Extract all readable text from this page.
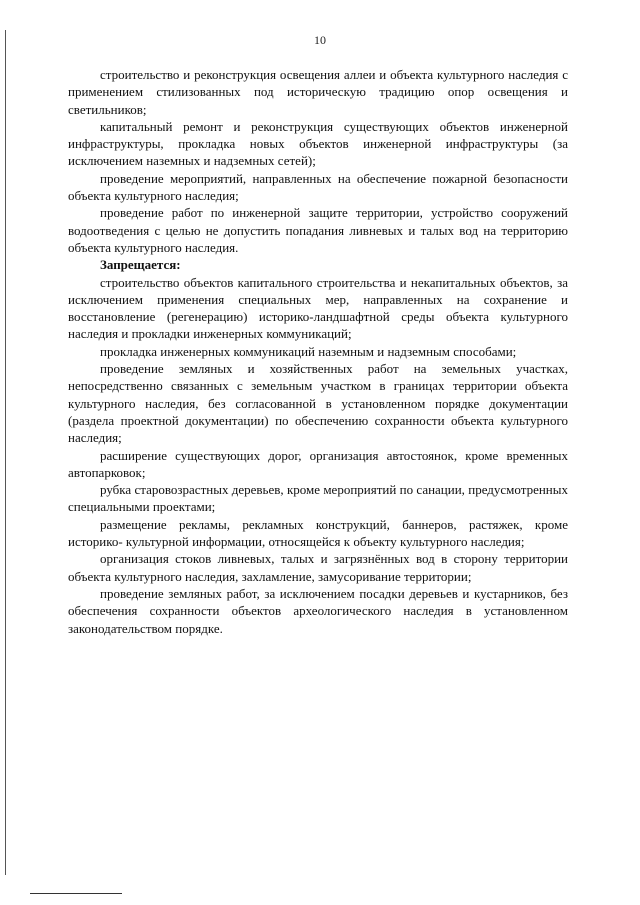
10

строительство и реконструкция освещения аллеи и объекта культурного наследия с применением стилизованных под историческую традицию опор освещения и светильников;

капитальный ремонт и реконструкция существующих объектов инженерной инфраструктуры, прокладка новых объектов инженерной инфраструктуры (за исключением наземных и надземных сетей);

проведение мероприятий, направленных на обеспечение пожарной безопасности объекта культурного наследия;

проведение работ по инженерной защите территории, устройство сооружений водоотведения с целью не допустить попадания ливневых и талых вод на территорию объекта культурного наследия.

Запрещается:

строительство объектов капитального строительства и некапитальных объектов, за исключением применения специальных мер, направленных на сохранение и восстановление (регенерацию) историко-ландшафтной среды объекта культурного наследия и прокладки инженерных коммуникаций;

прокладка инженерных коммуникаций наземным и надземным способами;

проведение земляных и хозяйственных работ на земельных участках, непосредственно связанных с земельным участком в границах территории объекта культурного наследия, без согласованной в установленном порядке документации (раздела проектной документации) по обеспечению сохранности объекта культурного наследия;

расширение существующих дорог, организация автостоянок, кроме временных автопарковок;

рубка старовозрастных деревьев, кроме мероприятий по санации, предусмотренных специальными проектами;

размещение рекламы, рекламных конструкций, баннеров, растяжек, кроме историко- культурной информации, относящейся к объекту культурного наследия;

организация стоков ливневых, талых и загрязнённых вод в сторону территории объекта культурного наследия, захламление, замусоривание территории;

проведение земляных работ, за исключением посадки деревьев и кустарников, без обеспечения сохранности объектов археологического наследия в установленном законодательством порядке.
